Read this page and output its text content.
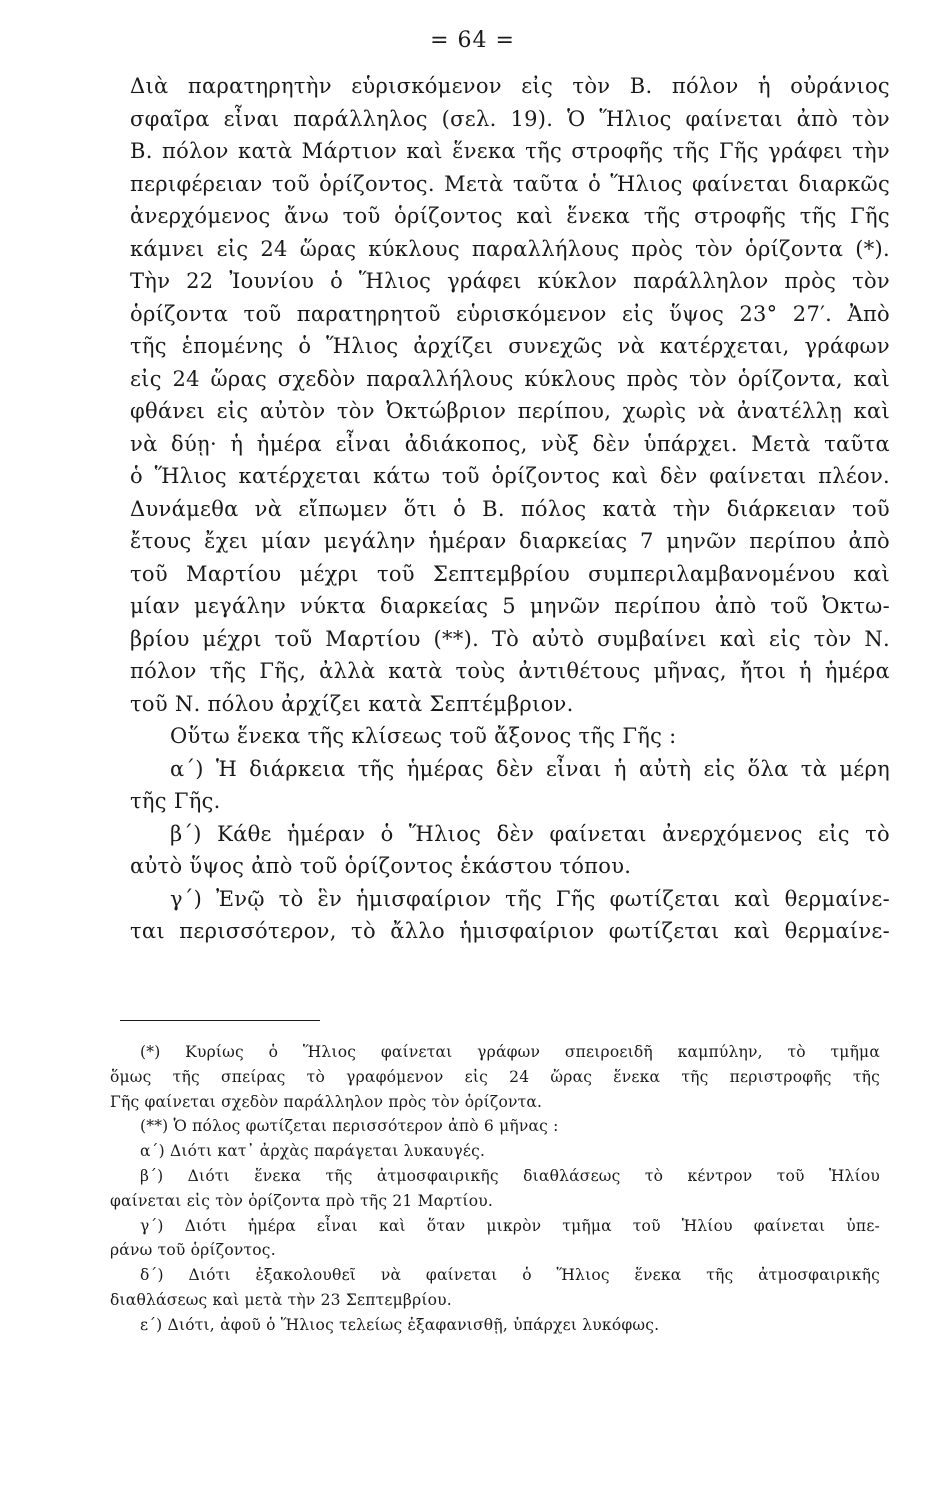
= 64 =
Διὰ παρατηρητὴν εὑρισκόμενον εἰς τὸν Β. πόλον ἡ οὐράνιος
σφαῖρα εἶναι παράλληλος (σελ. 19). Ὁ Ἥλιος φαίνεται ἀπὸ τὸν
Β. πόλον κατὰ Μάρτιον καὶ ἕνεκα τῆς στροφῆς τῆς Γῆς γράφει τὴν
περιφέρειαν τοῦ ὁρίζοντος. Μετὰ ταῦτα ὁ Ἥλιος φαίνεται διαρκῶς
ἀνερχόμενος ἄνω τοῦ ὁρίζοντος καὶ ἕνεκα τῆς στροφῆς τῆς Γῆς
κάμνει εἰς 24 ὥρας κύκλους παραλλήλους πρὸς τὸν ὁρίζοντα (*).
Τὴν 22 Ἰουνίου ὁ Ἥλιος γράφει κύκλον παράλληλον πρὸς τὸν
ὁρίζοντα τοῦ παρατηρητοῦ εὑρισκόμενον εἰς ὕψος 23° 27′. Ἀπὸ
τῆς ἑπομένης ὁ Ἥλιος ἀρχίζει συνεχῶς νὰ κατέρχεται, γράφων
εἰς 24 ὥρας σχεδὸν παραλλήλους κύκλους πρὸς τὸν ὁρίζοντα, καὶ
φθάνει εἰς αὐτὸν τὸν Ὀκτώβριον περίπου, χωρὶς νὰ ἀνατέλλῃ καὶ
νὰ δύῃ· ἡ ἡμέρα εἶναι ἀδιάκοπος, νὺξ δὲν ὑπάρχει. Μετὰ ταῦτα
ὁ Ἥλιος κατέρχεται κάτω τοῦ ὁρίζοντος καὶ δὲν φαίνεται πλέον.
Δυνάμεθα νὰ εἴπωμεν ὅτι ὁ Β. πόλος κατὰ τὴν διάρκειαν τοῦ
ἔτους ἔχει μίαν μεγάλην ἡμέραν διαρκείας 7 μηνῶν περίπου ἀπὸ
τοῦ Μαρτίου μέχρι τοῦ Σεπτεμβρίου συμπεριλαμβανομένου καὶ
μίαν μεγάλην νύκτα διαρκείας 5 μηνῶν περίπου ἀπὸ τοῦ Ὀκτω-
βρίου μέχρι τοῦ Μαρτίου (**). Τὸ αὐτὸ συμβαίνει καὶ εἰς τὸν Ν.
πόλον τῆς Γῆς, ἀλλὰ κατὰ τοὺς ἀντιθέτους μῆνας, ἤτοι ἡ ἡμέρα
τοῦ Ν. πόλου ἀρχίζει κατὰ Σεπτέμβριον.
Οὕτω ἕνεκα τῆς κλίσεως τοῦ ἄξονος τῆς Γῆς :
α΄) Ἡ διάρκεια τῆς ἡμέρας δὲν εἶναι ἡ αὐτὴ εἰς ὅλα τὰ μέρη
τῆς Γῆς.
β΄) Κάθε ἡμέραν ὁ Ἥλιος δὲν φαίνεται ἀνερχόμενος εἰς τὸ
αὐτὸ ὕψος ἀπὸ τοῦ ὁρίζοντος ἑκάστου τόπου.
γ΄) Ἐνῷ τὸ ἓν ἡμισφαίριον τῆς Γῆς φωτίζεται καὶ θερμαίνε-
ται περισσότερον, τὸ ἄλλο ἡμισφαίριον φωτίζεται καὶ θερμαίνε-
(*) Κυρίως ὁ Ἥλιος φαίνεται γράφων σπειροειδῆ καμπύλην, τὸ τμῆμα
ὅμως τῆς σπείρας τὸ γραφόμενον εἰς 24 ὥρας ἕνεκα τῆς περιστροφῆς τῆς
Γῆς φαίνεται σχεδὸν παράλληλον πρὸς τὸν ὁρίζοντα.
(**) Ὁ πόλος φωτίζεται περισσότερον ἀπὸ 6 μῆνας :
α΄) Διότι κατ᾿ ἀρχὰς παράγεται λυκαυγές.
β΄) Διότι ἕνεκα τῆς ἀτμοσφαιρικῆς διαθλάσεως τὸ κέντρον τοῦ Ἡλίου
φαίνεται εἰς τὸν ὁρίζοντα πρὸ τῆς 21 Μαρτίου.
γ΄) Διότι ἡμέρα εἶναι καὶ ὅταν μικρὸν τμῆμα τοῦ Ἡλίου φαίνεται ὑπε-
ράνω τοῦ ὁρίζοντος.
δ΄) Διότι ἐξακολουθεῖ νὰ φαίνεται ὁ Ἥλιος ἕνεκα τῆς ἀτμοσφαιρικῆς
διαθλάσεως καὶ μετὰ τὴν 23 Σεπτεμβρίου.
ε΄) Διότι, ἀφοῦ ὁ Ἥλιος τελείως ἐξαφανισθῇ, ὑπάρχει λυκόφως.
